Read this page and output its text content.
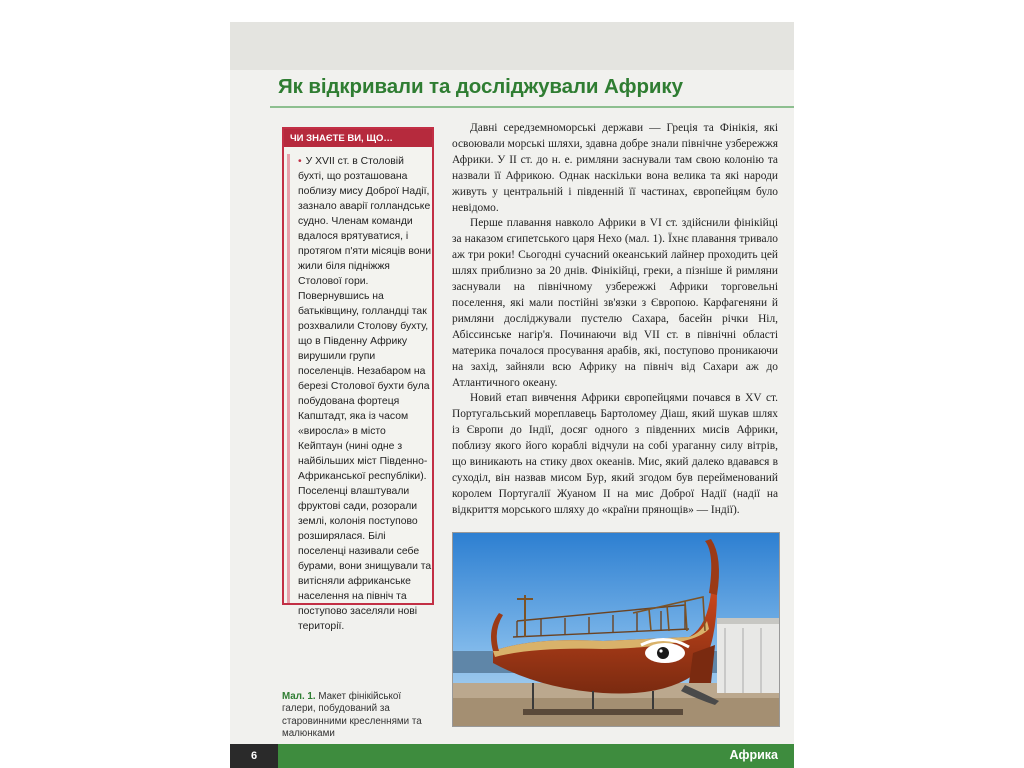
Як відкривали та досліджували Африку
ЧИ ЗНАЄТЕ ВИ, ЩО…

• У XVII ст. в Столовій бухті, що розташована поблизу мису Доброї Надії, зазнало аварії голландське судно. Членам команди вдалося врятуватися, і протягом п'яти місяців вони жили біля підніжжя Столової гори. Повернувшись на батьківщину, голландці так розхвалили Столову бухту, що в Південну Африку вирушили групи поселенців. Незабаром на березі Столової бухти була побудована фортеця Капштадт, яка із часом «виросла» в місто Кейптаун (нині одне з найбільших міст Південно-Африканської республіки). Поселенці влаштували фруктові сади, розорали землі, колонія поступово розширялася. Білі поселенці називали себе бурами, вони знищували та витісняли африканське населення на північ та поступово заселяли нові території.

Давні середземноморські держави — Греція та Фінікія, які освоювали морські шляхи, здавна добре знали північне узбережжя Африки. У II ст. до н. е. римляни заснували там свою колонію та назвали її Африкою. Однак наскільки вона велика та які народи живуть у центральній і південній її частинах, європейцям було невідомо.

Перше плавання навколо Африки в VI ст. здійснили фінікійці за наказом єгипетського царя Нехо (мал. 1). Їхнє плавання тривало аж три роки! Сьогодні сучасний океанський лайнер проходить цей шлях приблизно за 20 днів. Фінікійці, греки, а пізніше й римляни заснували на північному узбережжі Африки торговельні поселення, які мали постійні зв'язки з Європою. Карфагеняни й римляни досліджували пустелю Сахара, басейн річки Ніл, Абіссинське нагір'я. Починаючи від VII ст. в північні області материка почалося просування арабів, які, поступово проникаючи на захід, зайняли всю Африку на північ від Сахари аж до Атлантичного океану.

Новий етап вивчення Африки європейцями почався в XV ст. Португальський мореплавець Бартоломеу Діаш, який шукав шлях із Європи до Індії, досяг одного з південних мисів Африки, поблизу якого його кораблі відчули на собі ураганну силу вітрів, що виникають на стику двох океанів. Мис, який далеко вдавався в суходіл, він назвав мисом Бур, який згодом був перейменований королем Португалії Жуаном II на мис Доброї Надії (надії на відкриття морського шляху до «країни прянощів» — Індії).

Мал. 1. Макет фінікійської галери, побудований за старовинними кресленнями та малюнками
6	Африка
